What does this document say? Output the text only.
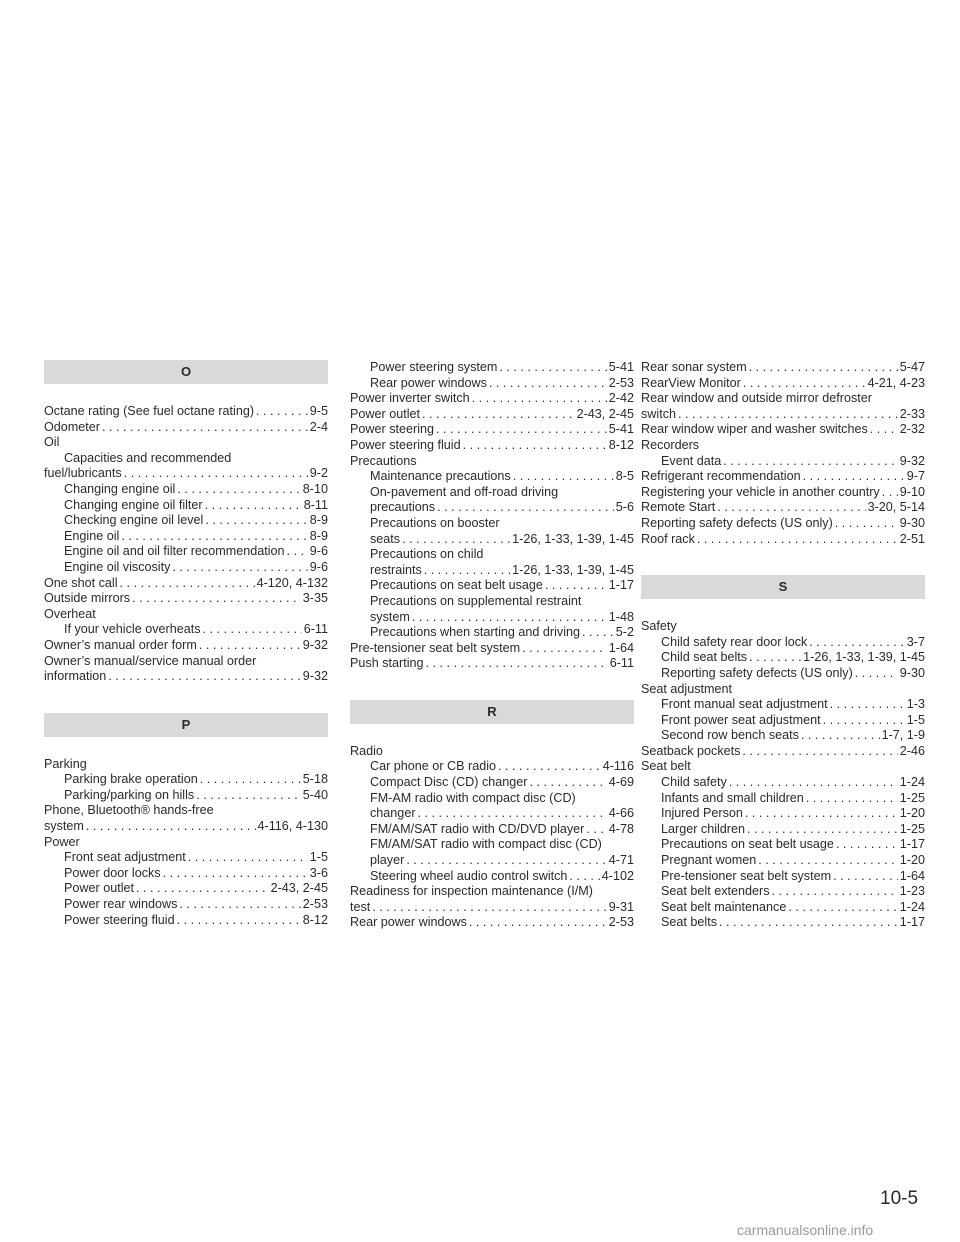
O
Octane rating (See fuel octane rating) . . .	9-5
Odometer . . .	2-4
Oil
Capacities and recommended
fuel/lubricants . . .	9-2
Changing engine oil . . .	8-10
Changing engine oil filter . . .	8-11
Checking engine oil level . . .	8-9
Engine oil . . .	8-9
Engine oil and oil filter recommendation . . . 9-6
Engine oil viscosity . . .	9-6
One shot call . . .	4-120, 4-132
Outside mirrors . . .	3-35
Overheat
If your vehicle overheats . . .	6-11
Owner’s manual order form . . .	9-32
Owner’s manual/service manual order
information . . .	9-32
P
Parking
Parking brake operation . . .	5-18
Parking/parking on hills . . .	5-40
Phone, Bluetooth® hands-free
system . . .	4-116, 4-130
Power
Front seat adjustment . . .	1-5
Power door locks . . .	3-6
Power outlet . . .	2-43, 2-45
Power rear windows . . .	2-53
Power steering fluid . . .	8-12
Power steering system . . .	5-41
Rear power windows . . .	2-53
Power inverter switch . . .	2-42
Power outlet . . .	2-43, 2-45
Power steering . . .	5-41
Power steering fluid . . .	8-12
Precautions
Maintenance precautions . . .	8-5
On-pavement and off-road driving
precautions . . .	5-6
Precautions on booster
seats . . .	1-26, 1-33, 1-39, 1-45
Precautions on child
restraints . . .	1-26, 1-33, 1-39, 1-45
Precautions on seat belt usage . . .	1-17
Precautions on supplemental restraint
system . . .	1-48
Precautions when starting and driving . . .	5-2
Pre-tensioner seat belt system . . .	1-64
Push starting . . .	6-11
R
Radio
Car phone or CB radio . . .	4-116
Compact Disc (CD) changer . . .	4-69
FM-AM radio with compact disc (CD)
changer . . .	4-66
FM/AM/SAT radio with CD/DVD player . . . 4-78
FM/AM/SAT radio with compact disc (CD)
player . . .	4-71
Steering wheel audio control switch . . .	4-102
Readiness for inspection maintenance (I/M)
test . . .	9-31
Rear power windows . . .	2-53
Rear sonar system . . .	5-47
RearView Monitor . . .	4-21, 4-23
Rear window and outside mirror defroster
switch . . .	2-33
Rear window wiper and washer switches . . .	2-32
Recorders
Event data . . .	9-32
Refrigerant recommendation . . .	9-7
Registering your vehicle in another country . . . 9-10
Remote Start . . .	3-20, 5-14
Reporting safety defects (US only) . . .	9-30
Roof rack . . .	2-51
S
Safety
Child safety rear door lock . . .	3-7
Child seat belts . . .	1-26, 1-33, 1-39, 1-45
Reporting safety defects (US only) . . .	9-30
Seat adjustment
Front manual seat adjustment . . .	1-3
Front power seat adjustment . . .	1-5
Second row bench seats . . .	1-7, 1-9
Seatback pockets . . .	2-46
Seat belt
Child safety . . .	1-24
Infants and small children . . .	1-25
Injured Person . . .	1-20
Larger children . . .	1-25
Precautions on seat belt usage . . .	1-17
Pregnant women . . .	1-20
Pre-tensioner seat belt system . . .	1-64
Seat belt extenders . . .	1-23
Seat belt maintenance . . .	1-24
Seat belts . . .	1-17
10-5
carmanualsonline.info
